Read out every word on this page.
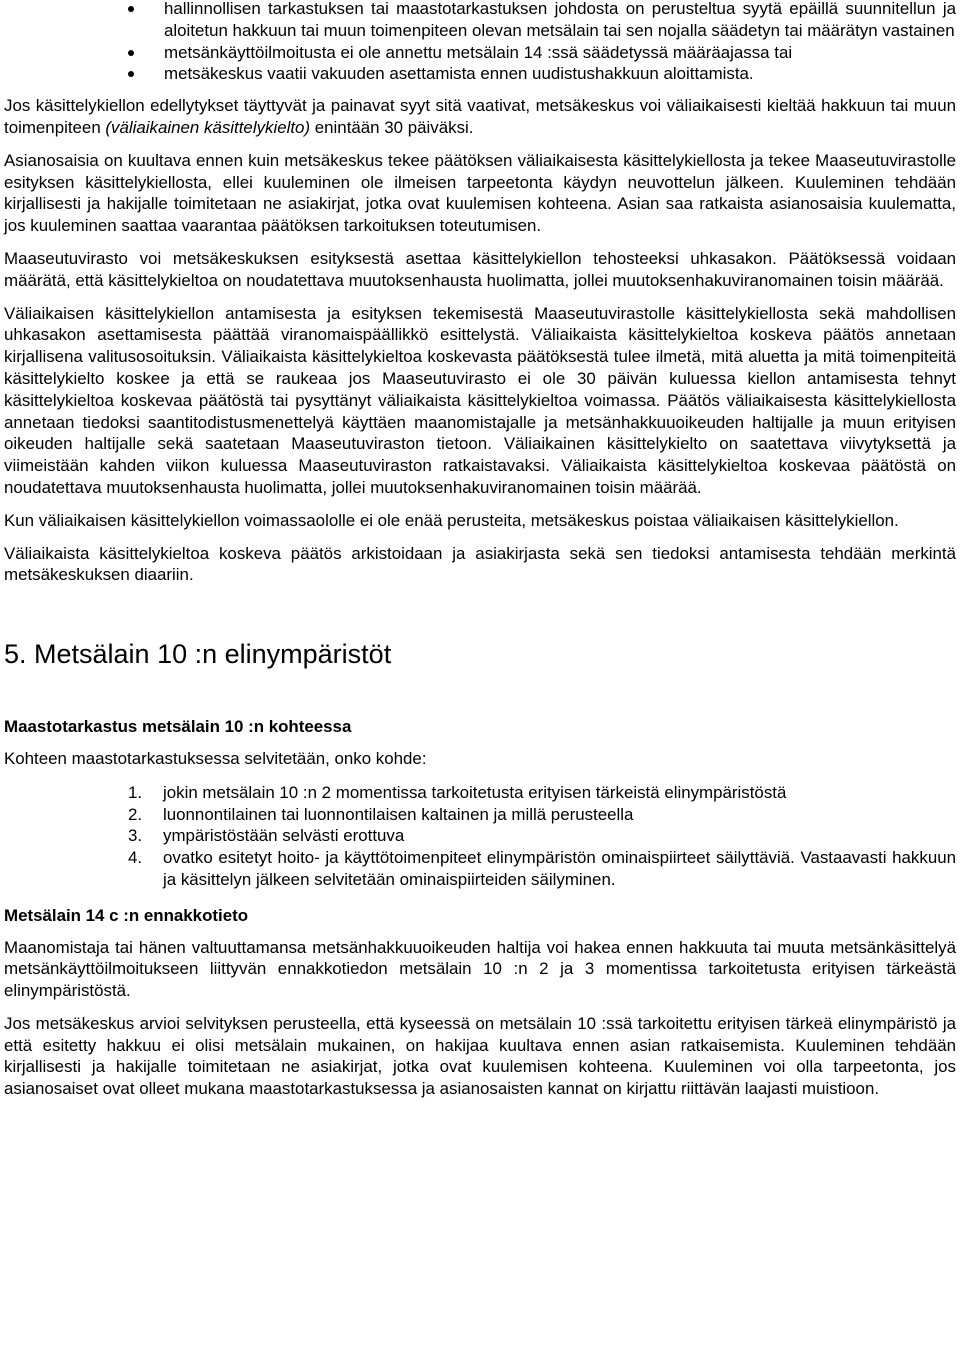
hallinnollisen tarkastuksen tai maastotarkastuksen johdosta on perusteltua syytä epäillä suunnitellun ja aloitetun hakkuun tai muun toimenpiteen olevan metsälain tai sen nojalla säädetyn tai määrätyn vastainen
metsänkäyttöilmoitusta ei ole annettu metsälain 14 :ssä säädetyssä määräajassa tai
metsäkeskus vaatii vakuuden asettamista ennen uudistushakkuun aloittamista.

Jos käsittelykiellon edellytykset täyttyvät ja painavat syyt sitä vaativat, metsäkeskus voi väliaikaisesti kieltää hakkuun tai muun toimenpiteen (väliaikainen käsittelykielto) enintään 30 päiväksi.

Asianosaisia on kuultava ennen kuin metsäkeskus tekee päätöksen väliaikaisesta käsittelykiellosta ja tekee Maaseutuvirastolle esityksen käsittelykiellosta, ellei kuuleminen ole ilmeisen tarpeetonta käydyn neuvottelun jälkeen. Kuuleminen tehdään kirjallisesti ja hakijalle toimitetaan ne asiakirjat, jotka ovat kuulemisen kohteena. Asian saa ratkaista asianosaisia kuulematta, jos kuuleminen saattaa vaarantaa päätöksen tarkoituksen toteutumisen.

Maaseutuvirasto voi metsäkeskuksen esityksestä asettaa käsittelykiellon tehosteeksi uhkasakon. Päätöksessä voidaan määrätä, että käsittelykieltoa on noudatettava muutoksenhausta huolimatta, jollei muutoksenhakuviranomainen toisin määrää.

Väliaikaisen käsittelykiellon antamisesta ja esityksen tekemisestä Maaseutuvirastolle käsittelykiellosta sekä mahdollisen uhkasakon asettamisesta päättää viranomaispäällikkö esittelystä. Väliaikaista käsittelykieltoa koskeva päätös annetaan kirjallisena valitusosoituksin. Väliaikaista käsittelykieltoa koskevasta päätöksestä tulee ilmetä, mitä aluetta ja mitä toimenpiteitä käsittelykielto koskee ja että se raukeaa jos Maaseutuvirasto ei ole 30 päivän kuluessa kiellon antamisesta tehnyt käsittelykieltoa koskevaa päätöstä tai pysyttänyt väliaikaista käsittelykieltoa voimassa. Päätös väliaikaisesta käsittelykiellosta annetaan tiedoksi saantitodistusmenettelyä käyttäen maanomistajalle ja metsänhakkuuoikeuden haltijalle ja muun erityisen oikeuden haltijalle sekä saatetaan Maaseutuviraston tietoon. Väliaikainen käsittelykielto on saatettava viivytyksettä ja viimeistään kahden viikon kuluessa Maaseutuviraston ratkaistavaksi. Väliaikaista käsittelykieltoa koskevaa päätöstä on noudatettava muutoksenhausta huolimatta, jollei muutoksenhakuviranomainen toisin määrää.

Kun väliaikaisen käsittelykiellon voimassaololle ei ole enää perusteita, metsäkeskus poistaa väliaikaisen käsittelykiellon.

Väliaikaista käsittelykieltoa koskeva päätös arkistoidaan ja asiakirjasta sekä sen tiedoksi antamisesta tehdään merkintä metsäkeskuksen diaariin.

5. Metsälain 10 :n elinympäristöt
Maastotarkastus metsälain 10 :n kohteessa

Kohteen maastotarkastuksessa selvitetään, onko kohde:

1. jokin metsälain 10 :n 2 momentissa tarkoitetusta erityisen tärkeistä elinympäristöstä
2. luonnontilainen tai luonnontilaisen kaltainen ja millä perusteella
3. ympäristöstään selvästi erottuva
4. ovatko esitetyt hoito- ja käyttötoimenpiteet elinympäristön ominaispiirteet säilyttäviä. Vastaavasti hakkuun ja käsittelyn jälkeen selvitetään ominaispiirteiden säilyminen.
Metsälain 14 c :n ennakkotieto

Maanomistaja tai hänen valtuuttamansa metsänhakkuuoikeuden haltija voi hakea ennen hakkuuta tai muuta metsänkäsittelyä metsänkäyttöilmoitukseen liittyvän ennakkotiedon metsälain 10 :n 2 ja 3 momentissa tarkoitetusta erityisen tärkeästä elinympäristöstä.

Jos metsäkeskus arvioi selvityksen perusteella, että kyseessä on metsälain 10 :ssä tarkoitettu erityisen tärkeä elinympäristö ja että esitetty hakkuu ei olisi metsälain mukainen, on hakijaa kuultava ennen asian ratkaisemista. Kuuleminen tehdään kirjallisesti ja hakijalle toimitetaan ne asiakirjat, jotka ovat kuulemisen kohteena. Kuuleminen voi olla tarpeetonta, jos asianosaiset ovat olleet mukana maastotarkastuksessa ja asianosaisten kannat on kirjattu riittävän laajasti muistioon.
